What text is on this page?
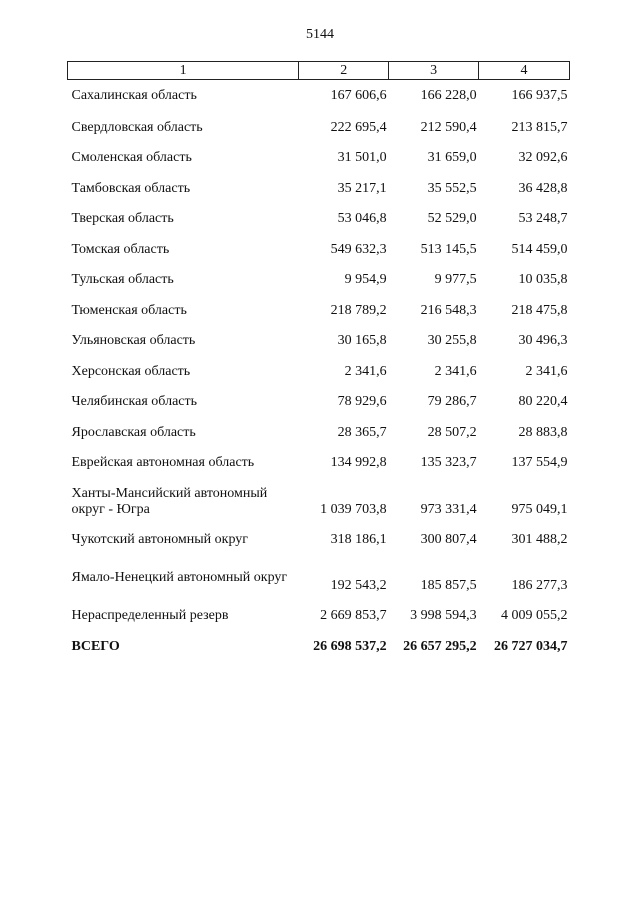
5144
1	2	3	4
Сахалинская область	167 606,6	166 228,0	166 937,5
Свердловская область	222 695,4	212 590,4	213 815,7
Смоленская область	31 501,0	31 659,0	32 092,6
Тамбовская область	35 217,1	35 552,5	36 428,8
Тверская область	53 046,8	52 529,0	53 248,7
Томская область	549 632,3	513 145,5	514 459,0
Тульская область	9 954,9	9 977,5	10 035,8
Тюменская область	218 789,2	216 548,3	218 475,8
Ульяновская область	30 165,8	30 255,8	30 496,3
Херсонская область	2 341,6	2 341,6	2 341,6
Челябинская область	78 929,6	79 286,7	80 220,4
Ярославская область	28 365,7	28 507,2	28 883,8
Еврейская автономная область	134 992,8	135 323,7	137 554,9
Ханты-Мансийский автономный округ - Югра	1 039 703,8	973 331,4	975 049,1
Чукотский автономный округ	318 186,1	300 807,4	301 488,2
Ямало-Ненецкий автономный округ	192 543,2	185 857,5	186 277,3
Нераспределенный резерв	2 669 853,7	3 998 594,3	4 009 055,2
ВСЕГО	26 698 537,2	26 657 295,2	26 727 034,7
